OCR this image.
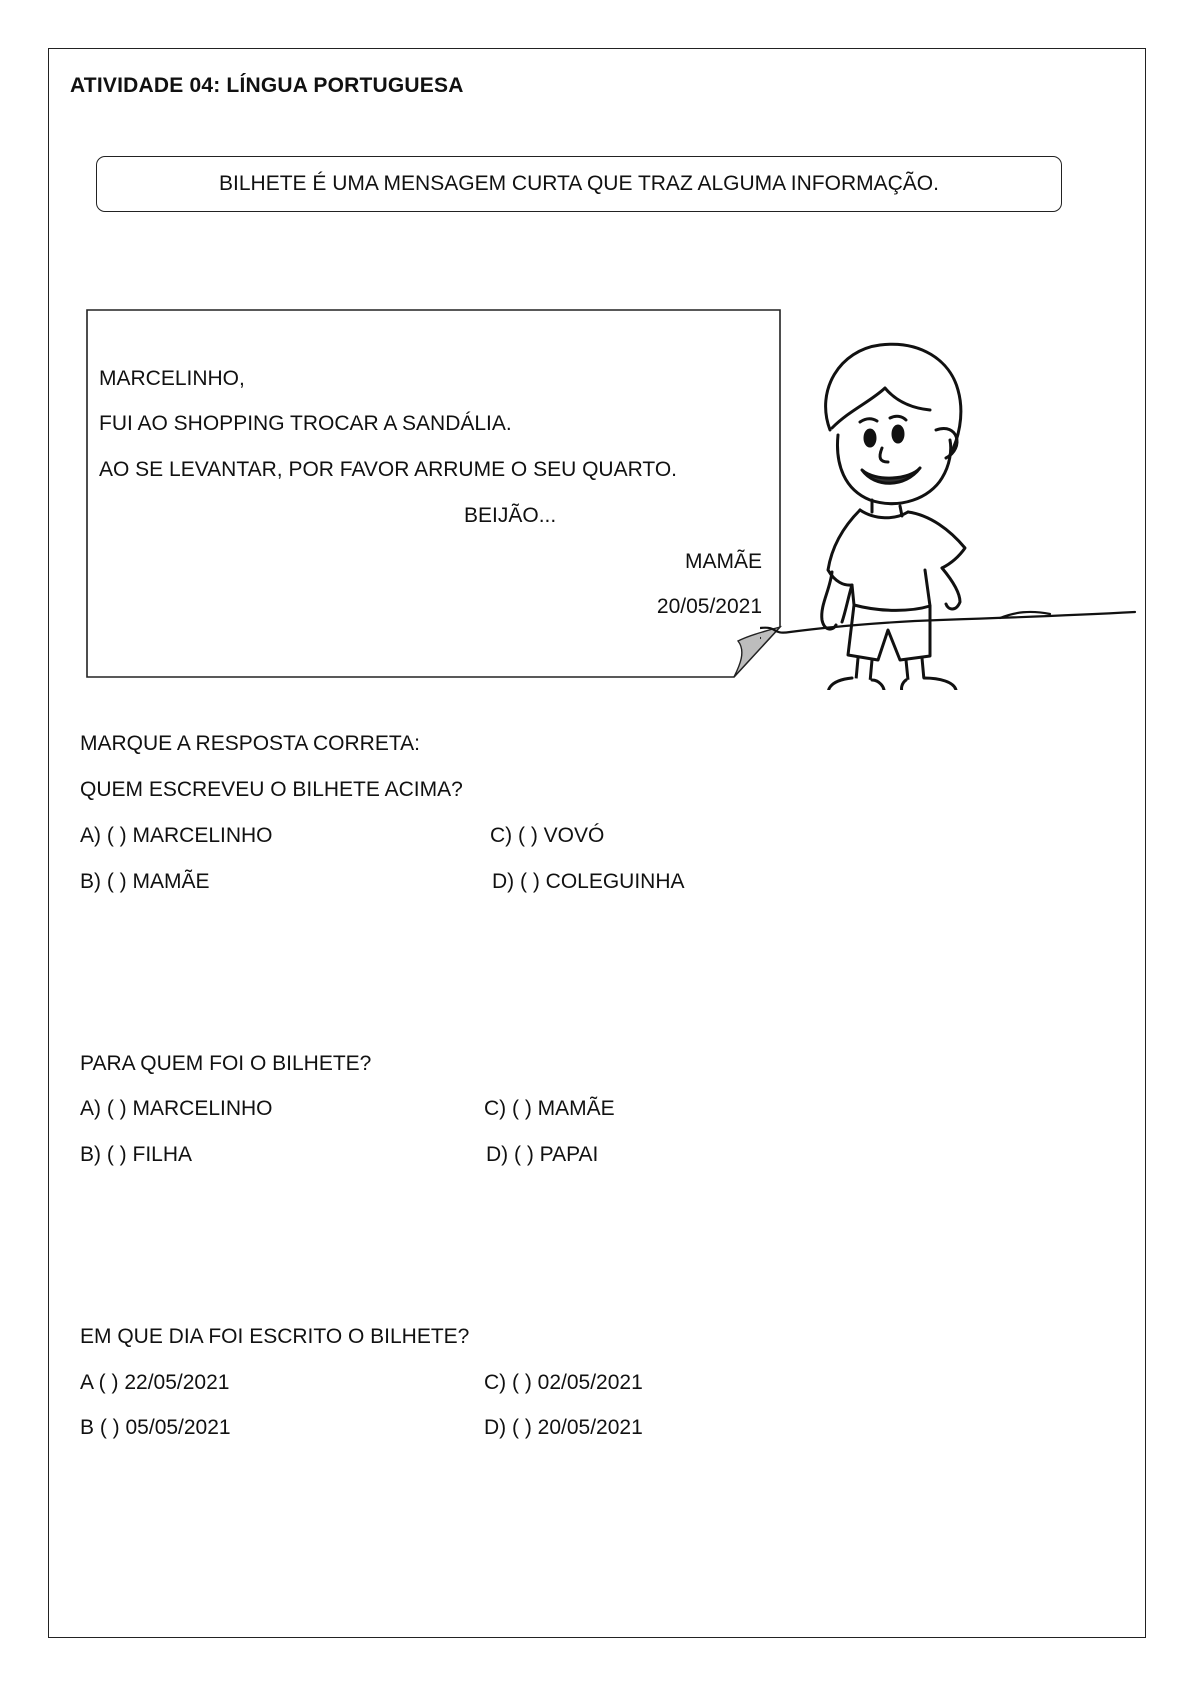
ATIVIDADE 04: LÍNGUA PORTUGUESA
BILHETE É UMA MENSAGEM CURTA QUE TRAZ ALGUMA INFORMAÇÃO.
MARCELINHO,
FUI AO SHOPPING TROCAR A SANDÁLIA.
AO SE LEVANTAR, POR FAVOR ARRUME O SEU QUARTO.
BEIJÃO...
MAMÃE
20/05/2021
MARQUE A RESPOSTA CORRETA:
QUEM ESCREVEU O BILHETE ACIMA?
A) ( ) MARCELINHO	C) ( ) VOVÓ
B) ( ) MAMÃE	D) ( ) COLEGUINHA
PARA QUEM FOI O BILHETE?
A) ( ) MARCELINHO	C) ( ) MAMÃE
B) ( ) FILHA	D) ( ) PAPAI
EM QUE DIA FOI ESCRITO O BILHETE?
A ( ) 22/05/2021	C) ( ) 02/05/2021
B ( ) 05/05/2021	D) ( ) 20/05/2021
